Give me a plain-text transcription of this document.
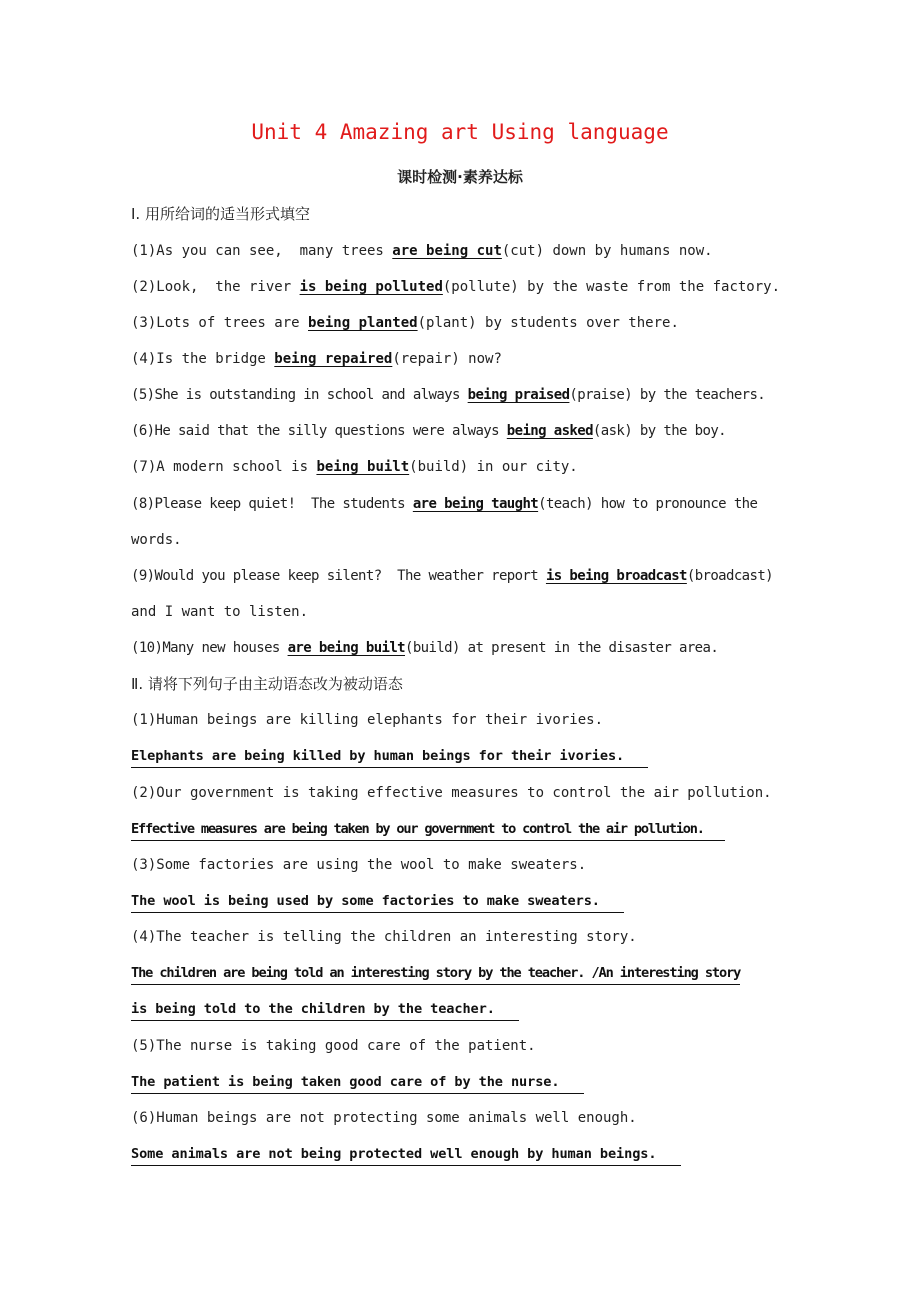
Unit 4 Amazing art Using language
课时检测·素养达标
Ⅰ. 用所给词的适当形式填空
(1)As you can see,  many trees are being cut(cut) down by humans now.
(2)Look,  the river is being polluted(pollute) by the waste from the factory.
(3)Lots of trees are being planted(plant) by students over there.
(4)Is the bridge being repaired(repair) now?
(5)She is outstanding in school and always being praised(praise) by the teachers.
(6)He said that the silly questions were always being asked(ask) by the boy.
(7)A modern school is being built(build) in our city.
(8)Please keep quiet!  The students are being taught(teach) how to pronounce the
words.
(9)Would you please keep silent?  The weather report is being broadcast(broadcast)
and I want to listen.
(10)Many new houses are being built(build) at present in the disaster area.
Ⅱ. 请将下列句子由主动语态改为被动语态
(1)Human beings are killing elephants for their ivories.
Elephants are being killed by human beings for their ivories.
(2)Our government is taking effective measures to control the air pollution.
Effective measures are being taken by our government to control the air pollution.
(3)Some factories are using the wool to make sweaters.
The wool is being used by some factories to make sweaters.
(4)The teacher is telling the children an interesting story.
The children are being told an interesting story by the teacher. /An interesting story
is being told to the children by the teacher.
(5)The nurse is taking good care of the patient.
The patient is being taken good care of by the nurse.
(6)Human beings are not protecting some animals well enough.
Some animals are not being protected well enough by human beings.
